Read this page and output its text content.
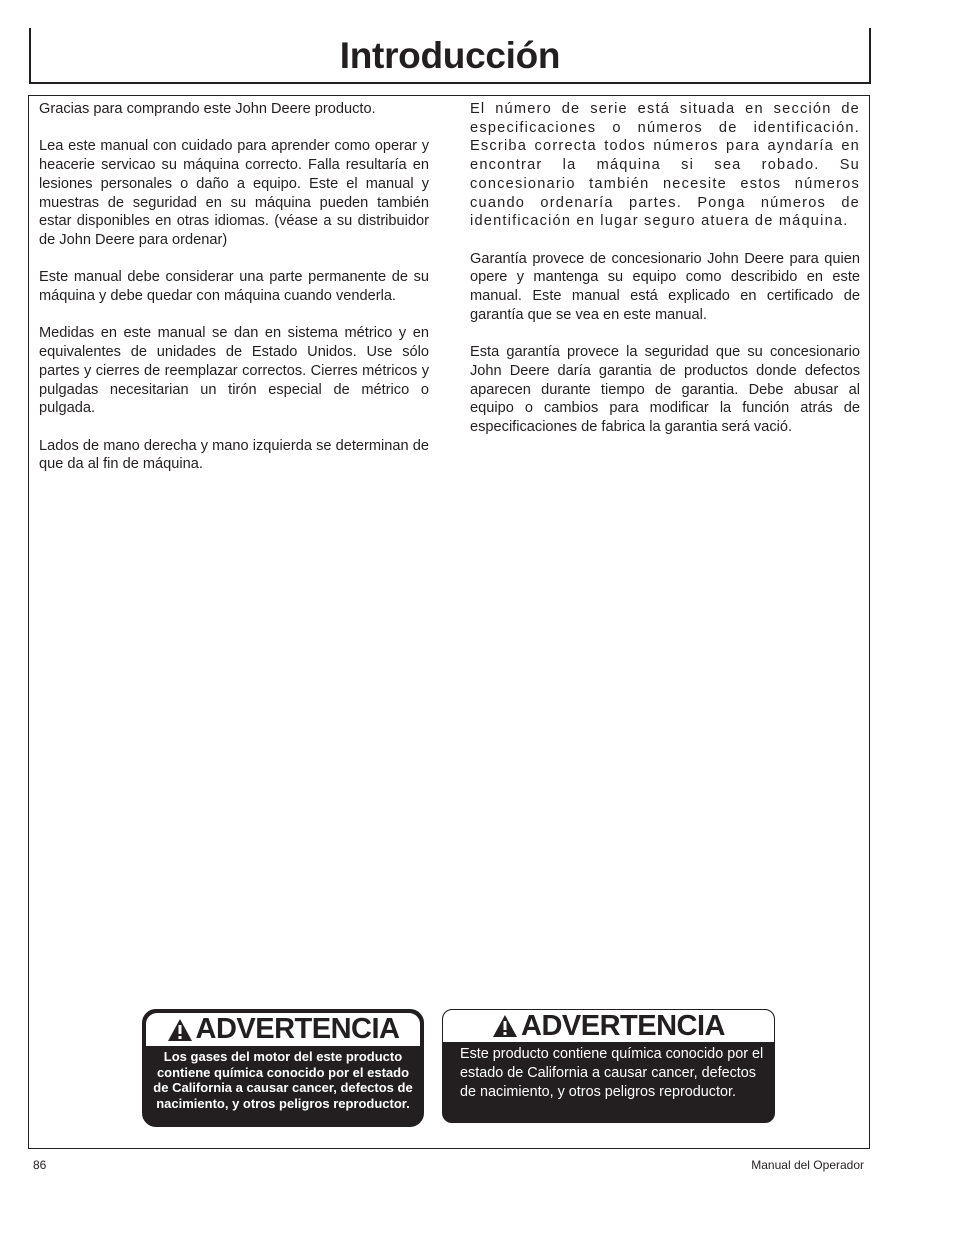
Introducción

Gracias para comprando este John Deere producto.

Lea este manual con cuidado para aprender como operar y heacerie servicao su máquina correcto. Falla resultaría en lesiones personales o daño a equipo. Este el manual y muestras de seguridad en su máquina pueden también estar disponibles en otras idiomas. (véase a su distribuidor de John Deere para ordenar)

Este manual debe considerar una parte permanente de su máquina y debe quedar con máquina cuando venderla.

Medidas en este manual se dan en sistema métrico y en equivalentes de unidades de Estado Unidos. Use sólo partes y cierres de reemplazar correctos. Cierres métricos y pulgadas necesitarian un tirón especial de métrico o pulgada.

Lados de mano derecha y mano izquierda se determinan de que da al fin de máquina.

El número de serie está situada en sección de especificaciones o números de identificación. Escriba correcta todos números para ayndaría en encontrar la máquina si sea robado. Su concesionario también necesite estos números cuando ordenaría partes. Ponga números de identificación en lugar seguro atuera de máquina.

Garantía provece de concesionario John Deere para quien opere y mantenga su equipo como describido en este manual. Este manual está explicado en certificado de garantía que se vea en este manual.

Esta garantía provece la seguridad que su concesionario John Deere daría garantia de productos donde defectos aparecen durante tiempo de garantia. Debe abusar al equipo o cambios para modificar la función atrás de especificaciones de fabrica la garantia será vació.

ADVERTENCIA
Los gases del motor del este producto contiene química conocido por el estado de California a causar cancer, defectos de nacimiento, y otros peligros reproductor.
ADVERTENCIA
Este producto contiene química conocido por el estado de California a causar cancer, defectos de nacimiento, y otros peligros reproductor.
86	Manual del Operador
